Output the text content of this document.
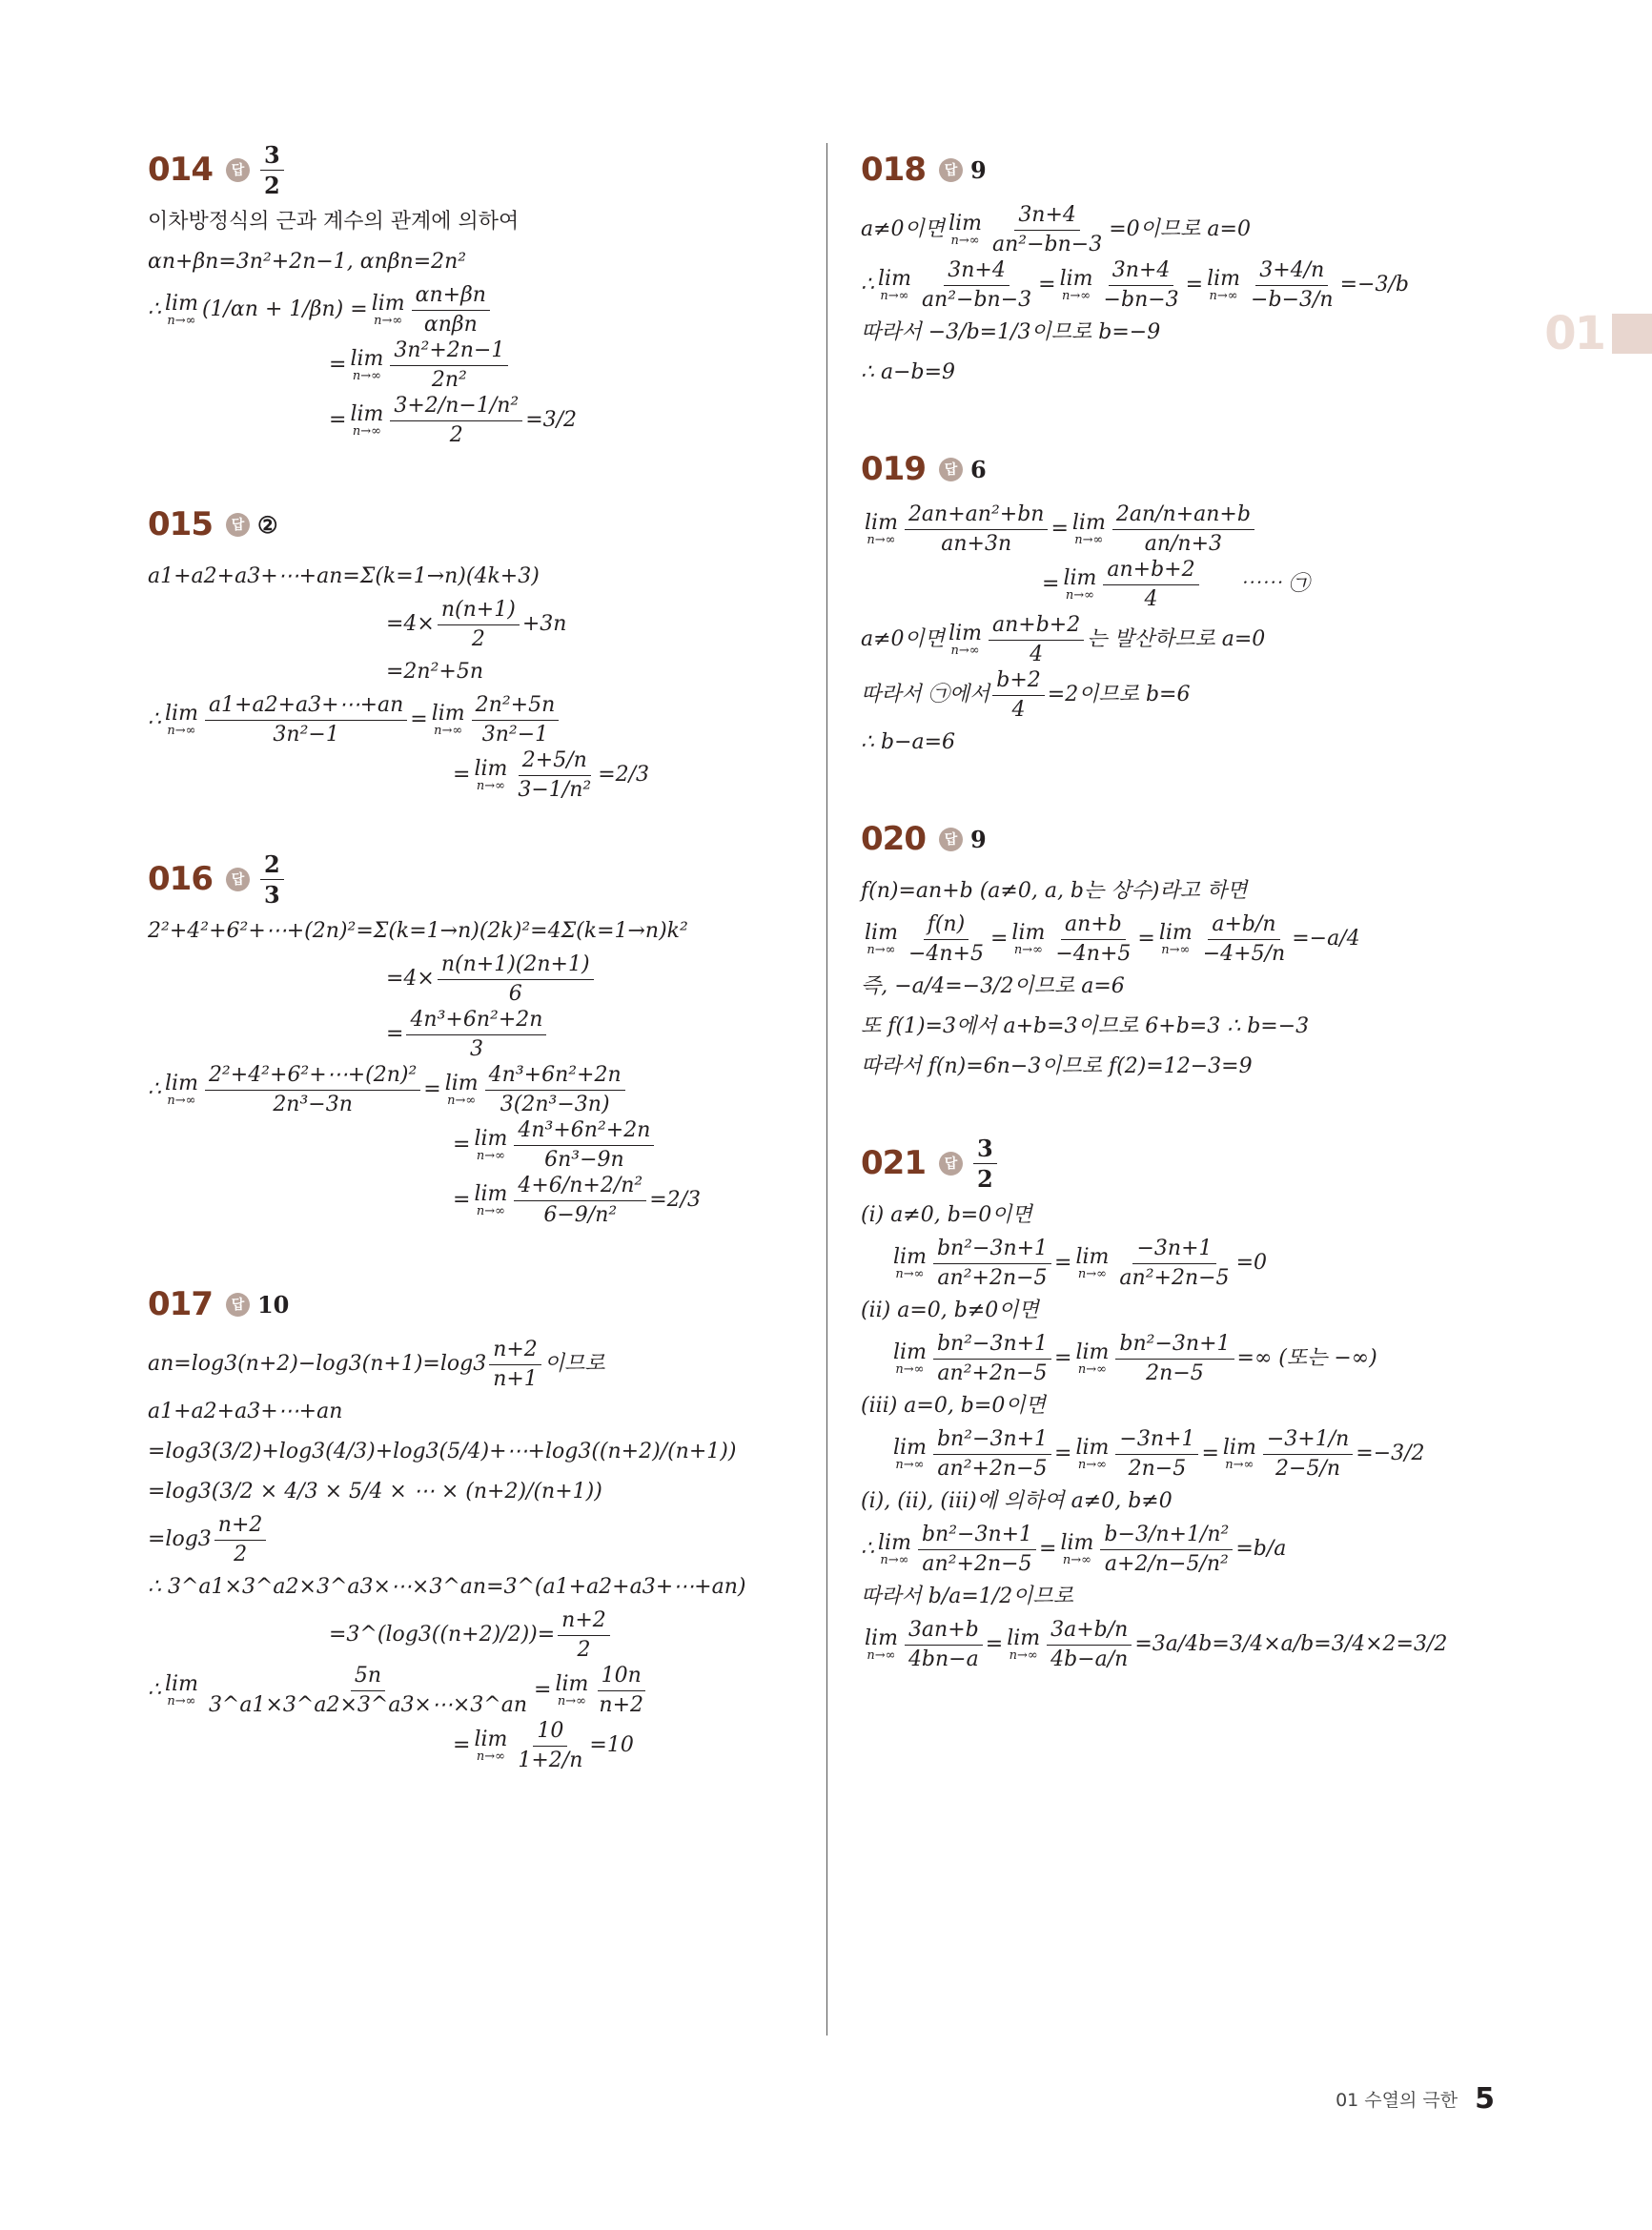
01
014	답 $\frac{3}{2}$
이차방정식의 근과 계수의 관계에 의하여
αn+βn=3n²+2n−1, αnβn=2n²
∴ lim
n→∞ (1/αn + 1/βn) = lim
$n\to\infty \frac{\alpha n+\beta n}{\text{αnβn}}$
= lim
$n\to\infty \frac{\text{3n²+2n−1}}{\text{2n²}}$
= lim
$n\to\infty \frac{\text{3+2/n−1/n²}}{2} =3/2$
015	답 ②
a1+a2+a3+⋯+an=Σ(k=1→n)(4k+3)
$=4\times \frac{n(n+1)}{2} +3n$
=2n²+5n
∴ lim
$n\to\infty \frac{a1+a2+a3+\cdots+an}{\text{3n²−1}} = \lim$
$n\to\infty \frac{\text{2n²+5n}}{\text{3n²−1}}$
= lim
$n\to\infty \frac{2+5/n}{\text{3−1/n²}} =2/3$
016	답 $\frac{2}{3}$
2²+4²+6²+⋯+(2n)²=Σ(k=1→n)(2k)²=4Σ(k=1→n)k²
$=4\times \frac{n(n+1)(2n+1)}{6}$
= $\frac{\text{4n³+6n²+2n}}{3}$
∴ lim
$n\to\infty \frac{\text{2²+4²+6²+⋯+(2n)²}}{\text{2n³−3n}} = \lim$
$n\to\infty \frac{\text{4n³+6n²+2n}}{\text{3(2n³−3n)}}$
= lim
$n\to\infty \frac{\text{4n³+6n²+2n}}{\text{6n³−9n}}$
= lim
$n\to\infty \frac{\text{4+6/n+2/n²}}{\text{6−9/n²}} =2/3$
017	답 10
$an=\log 3(n+2)-\log 3(n+1)=\log 3 \frac{n+2}{n+1}$ 이므로
a1+a2+a3+⋯+an
=log3(3/2)+log3(4/3)+log3(5/4)+⋯+log3((n+2)/(n+1))
=log3(3/2 × 4/3 × 5/4 × ⋯ × (n+2)/(n+1))
$=\log 3 \frac{n+2}{2}$
∴ 3^a1×3^a2×3^a3×⋯×3^an=3^(a1+a2+a3+⋯+an)
=3^(log3((n+2)/2))= $\frac{n+2}{2}$
∴ lim
$n\to\infty \frac{5n}{3\^{}a1\times 3\^{}a2\times 3\^{}a3\times\cdots\times 3\^{}an} = \lim$
$n\to\infty \frac{10n}{n+2}$
= lim
$n\to\infty \frac{10}{1+2/n} =10$
018	답 9
a≠0이면 lim
$n\to\infty \frac{3n+4}{\text{an²−bn−3}} =0$이므로 a=0
∴ lim
$n\to\infty \frac{3n+4}{\text{an²−bn−3}} = \lim$
$n\to\infty \frac{3n+4}{-bn-3} = \lim$
$n\to\infty \frac{3+4/n}{-b-3/n} =-3/b$
따라서 −3/b=1/3이므로 b=−9
∴ a−b=9
019	답 6
lim
$n\to\infty \frac{\text{2an+an²+bn}}{an+3n} = \lim$
$n\to\infty \frac{2an/n+an+b}{an/n+3}$
= lim
$n\to\infty \frac{an+b+2}{4}$ ⋯⋯ ㉠
a≠0이면 lim
$n\to\infty \frac{an+b+2}{4}$ 는 발산하므로 a=0
따라서 ㉠에서 $\frac{b+2}{4} =2$이므로 b=6
∴ b−a=6
020	답 9
f(n)=an+b (a≠0, a, b는 상수)라고 하면
lim
$n\to\infty \frac{f(n)}{-4n+5} = \lim$
$n\to\infty \frac{an+b}{-4n+5} = \lim$
$n\to\infty \frac{a+b/n}{-4+5/n} =-a/4$
즉, −a/4=−3/2이므로 a=6
또 f(1)=3에서 a+b=3이므로 6+b=3 ∴ b=−3
따라서 f(n)=6n−3이므로 f(2)=12−3=9
021	답 $\frac{3}{2}$
(ⅰ) a≠0, b=0이면
lim
$n\to\infty \frac{\text{bn²−3n+1}}{\text{an²+2n−5}} = \lim$
$n\to\infty \frac{-3n+1}{\text{an²+2n−5}} =0$
(ⅱ) a=0, b≠0이면
lim
$n\to\infty \frac{\text{bn²−3n+1}}{\text{an²+2n−5}} = \lim$
$n\to\infty \frac{\text{bn²−3n+1}}{2n-5}$ =∞ (또는 −∞)
(ⅲ) a=0, b=0이면
lim
$n\to\infty \frac{\text{bn²−3n+1}}{\text{an²+2n−5}} = \lim$
$n\to\infty \frac{-3n+1}{2n-5} = \lim$
$n\to\infty \frac{-3+1/n}{2-5/n} =-3/2$
(ⅰ), (ⅱ), (ⅲ)에 의하여 a≠0, b≠0
∴ lim
$n\to\infty \frac{\text{bn²−3n+1}}{\text{an²+2n−5}} = \lim$
$n\to\infty \frac{\text{b−3/n+1/n²}}{\text{a+2/n−5/n²}} =b/a$
따라서 b/a=1/2이므로
lim
$n\to\infty \frac{3an+b}{4bn-a} = \lim$
$n\to\infty \frac{3a+b/n}{4b-a/n} =3a/4b=3/4\times a/b=3/4\times 2=3/2$
01 수열의 극한 5
